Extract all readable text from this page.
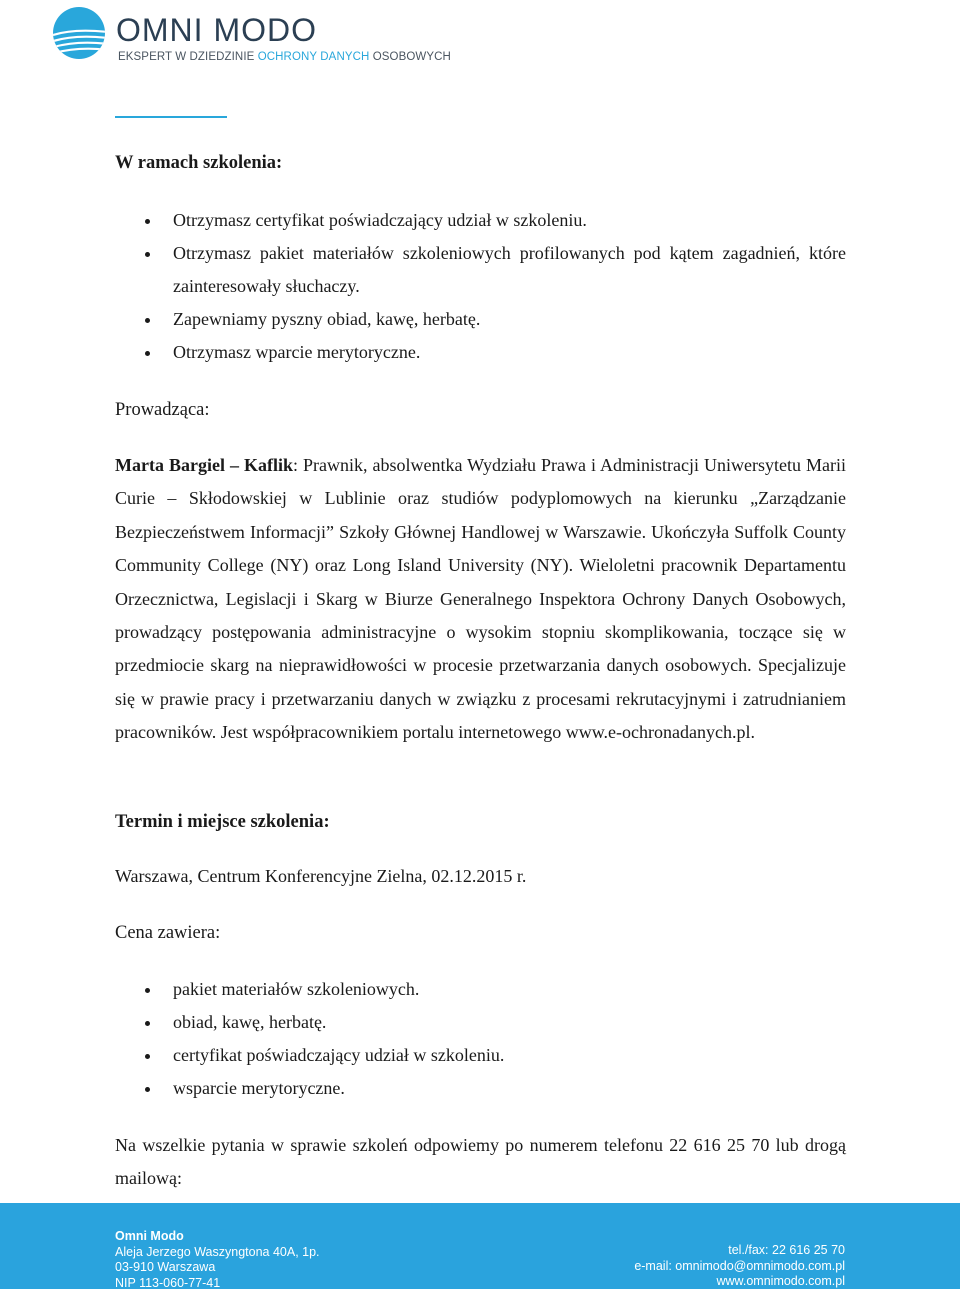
OMNI MODO
EKSPERT W DZIEDZINIE OCHRONY DANYCH OSOBOWYCH
W ramach szkolenia:
Otrzymasz certyfikat poświadczający udział w szkoleniu.
Otrzymasz pakiet materiałów szkoleniowych profilowanych pod kątem zagadnień, które zainteresowały słuchaczy.
Zapewniamy pyszny obiad, kawę, herbatę.
Otrzymasz wparcie merytoryczne.
Prowadząca:

Marta Bargiel – Kaflik: Prawnik, absolwentka Wydziału Prawa i Administracji Uniwersytetu Marii Curie – Skłodowskiej w Lublinie oraz studiów podyplomowych na kierunku „Zarządzanie Bezpieczeństwem Informacji” Szkoły Głównej Handlowej w Warszawie. Ukończyła Suffolk County Community College (NY) oraz Long Island University (NY). Wieloletni pracownik Departamentu Orzecznictwa, Legislacji i Skarg w Biurze Generalnego Inspektora Ochrony Danych Osobowych, prowadzący postępowania administracyjne o wysokim stopniu skomplikowania, toczące się w przedmiocie skarg na nieprawidłowości w procesie przetwarzania danych osobowych. Specjalizuje się w prawie pracy i przetwarzaniu danych w związku z procesami rekrutacyjnymi i zatrudnianiem pracowników. Jest współpracownikiem portalu internetowego www.e-ochronadanych.pl.

Termin i miejsce szkolenia:

Warszawa, Centrum Konferencyjne Zielna, 02.12.2015 r.

Cena zawiera:
pakiet materiałów szkoleniowych.
obiad, kawę, herbatę.
certyfikat poświadczający udział w szkoleniu.
wsparcie merytoryczne.

Na wszelkie pytania w sprawie szkoleń odpowiemy po numerem telefonu 22 616 25 70 lub drogą mailową:

Omni Modo
Aleja Jerzego Waszyngtona 40A, 1p.
03-910 Warszawa
NIP 113-060-77-41
tel./fax: 22 616 25 70
e-mail: omnimodo@omnimodo.com.pl
www.omnimodo.com.pl
